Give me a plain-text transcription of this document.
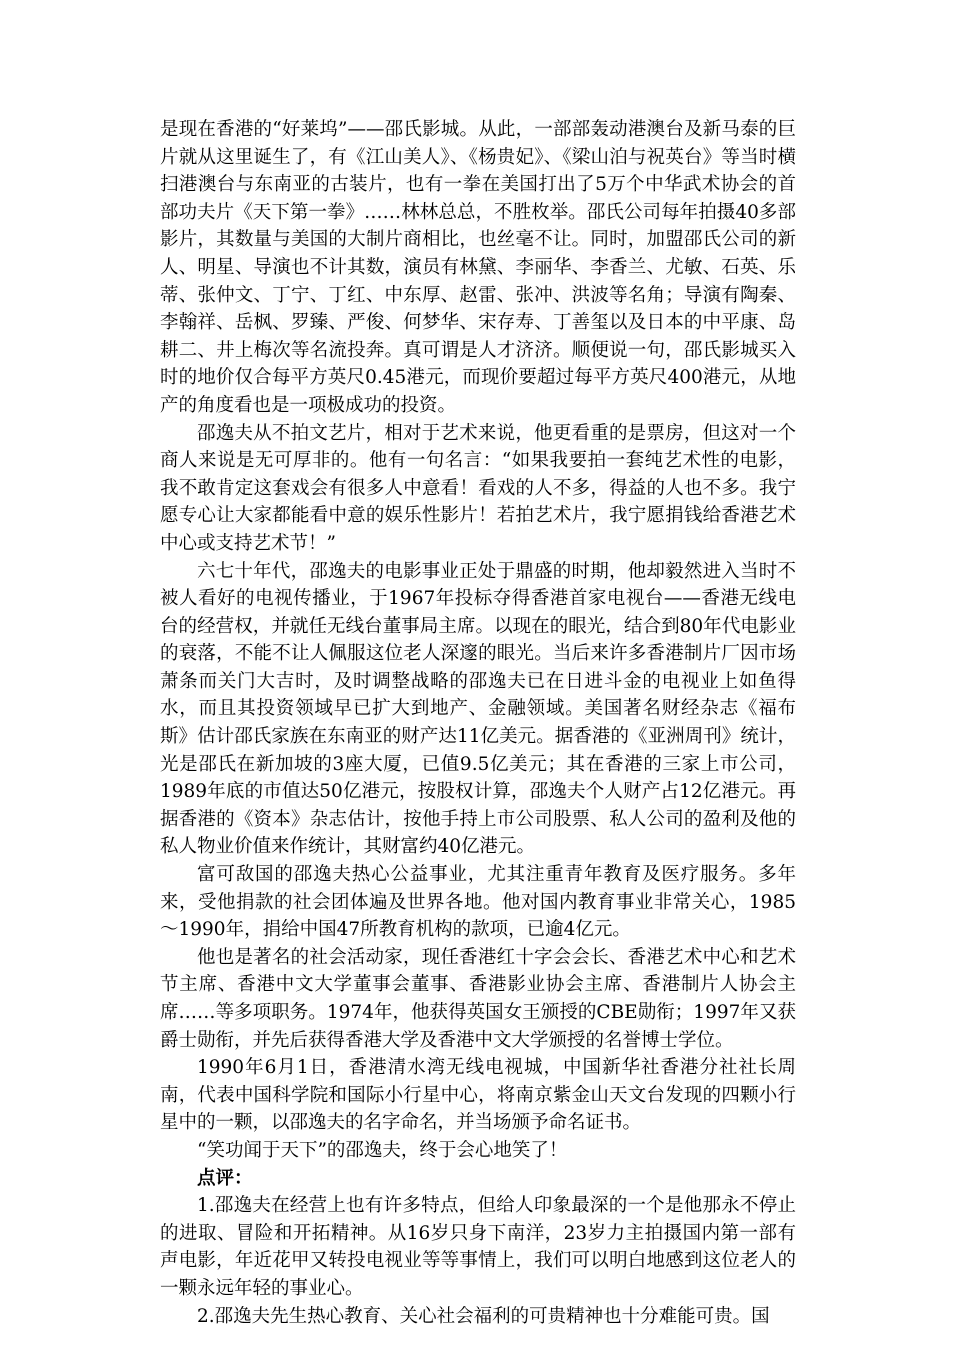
是现在香港的“好莱坞”——邵氏影城。从此，一部部轰动港澳台及新马泰的巨片就从这里诞生了，有《江山美人》、《杨贵妃》、《梁山泊与祝英台》等当时横扫港澳台与东南亚的古装片，也有一拳在美国打出了5万个中华武术协会的首部功夫片《天下第一拳》……林林总总，不胜枚举。邵氏公司每年拍摄40多部影片，其数量与美国的大制片商相比，也丝毫不让。同时，加盟邵氏公司的新人、明星、导演也不计其数，演员有林黛、李丽华、李香兰、尤敏、石英、乐蒂、张仲文、丁宁、丁红、中东厚、赵雷、张冲、洪波等名角；导演有陶秦、李翰祥、岳枫、罗臻、严俊、何梦华、宋存寿、丁善玺以及日本的中平康、岛耕二、井上梅次等名流投奔。真可谓是人才济济。顺便说一句，邵氏影城买入时的地价仅合每平方英尺0.45港元，而现价要超过每平方英尺400港元，从地产的角度看也是一项极成功的投资。

邵逸夫从不拍文艺片，相对于艺术来说，他更看重的是票房，但这对一个商人来说是无可厚非的。他有一句名言：“如果我要拍一套纯艺术性的电影，我不敢肯定这套戏会有很多人中意看！看戏的人不多，得益的人也不多。我宁愿专心让大家都能看中意的娱乐性影片！若拍艺术片，我宁愿捐钱给香港艺术中心或支持艺术节！”

六七十年代，邵逸夫的电影事业正处于鼎盛的时期，他却毅然进入当时不被人看好的电视传播业，于1967年投标夺得香港首家电视台——香港无线电台的经营权，并就任无线台董事局主席。以现在的眼光，结合到80年代电影业的衰落，不能不让人佩服这位老人深邃的眼光。当后来许多香港制片厂因市场萧条而关门大吉时，及时调整战略的邵逸夫已在日进斗金的电视业上如鱼得水，而且其投资领域早已扩大到地产、金融领域。美国著名财经杂志《福布斯》估计邵氏家族在东南亚的财产达11亿美元。据香港的《亚洲周刊》统计，光是邵氏在新加坡的3座大厦，已值9.5亿美元；其在香港的三家上市公司，1989年底的市值达50亿港元，按股权计算，邵逸夫个人财产占12亿港元。再据香港的《资本》杂志估计，按他手持上市公司股票、私人公司的盈利及他的私人物业价值来作统计，其财富约40亿港元。

富可敌国的邵逸夫热心公益事业，尤其注重青年教育及医疗服务。多年来，受他捐款的社会团体遍及世界各地。他对国内教育事业非常关心，1985～1990年，捐给中国47所教育机构的款项，已逾4亿元。

他也是著名的社会活动家，现任香港红十字会会长、香港艺术中心和艺术节主席、香港中文大学董事会董事、香港影业协会主席、香港制片人协会主席……等多项职务。1974年，他获得英国女王颁授的CBE勋衔；1997年又获爵士勋衔，并先后获得香港大学及香港中文大学颁授的名誉博士学位。

1990年6月1日，香港清水湾无线电视城，中国新华社香港分社社长周南，代表中国科学院和国际小行星中心，将南京紫金山天文台发现的四颗小行星中的一颗，以邵逸夫的名字命名，并当场颁予命名证书。

“笑功闻于天下”的邵逸夫，终于会心地笑了！

点评：

1.邵逸夫在经营上也有许多特点，但给人印象最深的一个是他那永不停止的进取、冒险和开拓精神。从16岁只身下南洋，23岁力主拍摄国内第一部有声电影，年近花甲又转投电视业等等事情上，我们可以明白地感到这位老人的一颗永远年轻的事业心。

2.邵逸夫先生热心教育、关心社会福利的可贵精神也十分难能可贵。国
